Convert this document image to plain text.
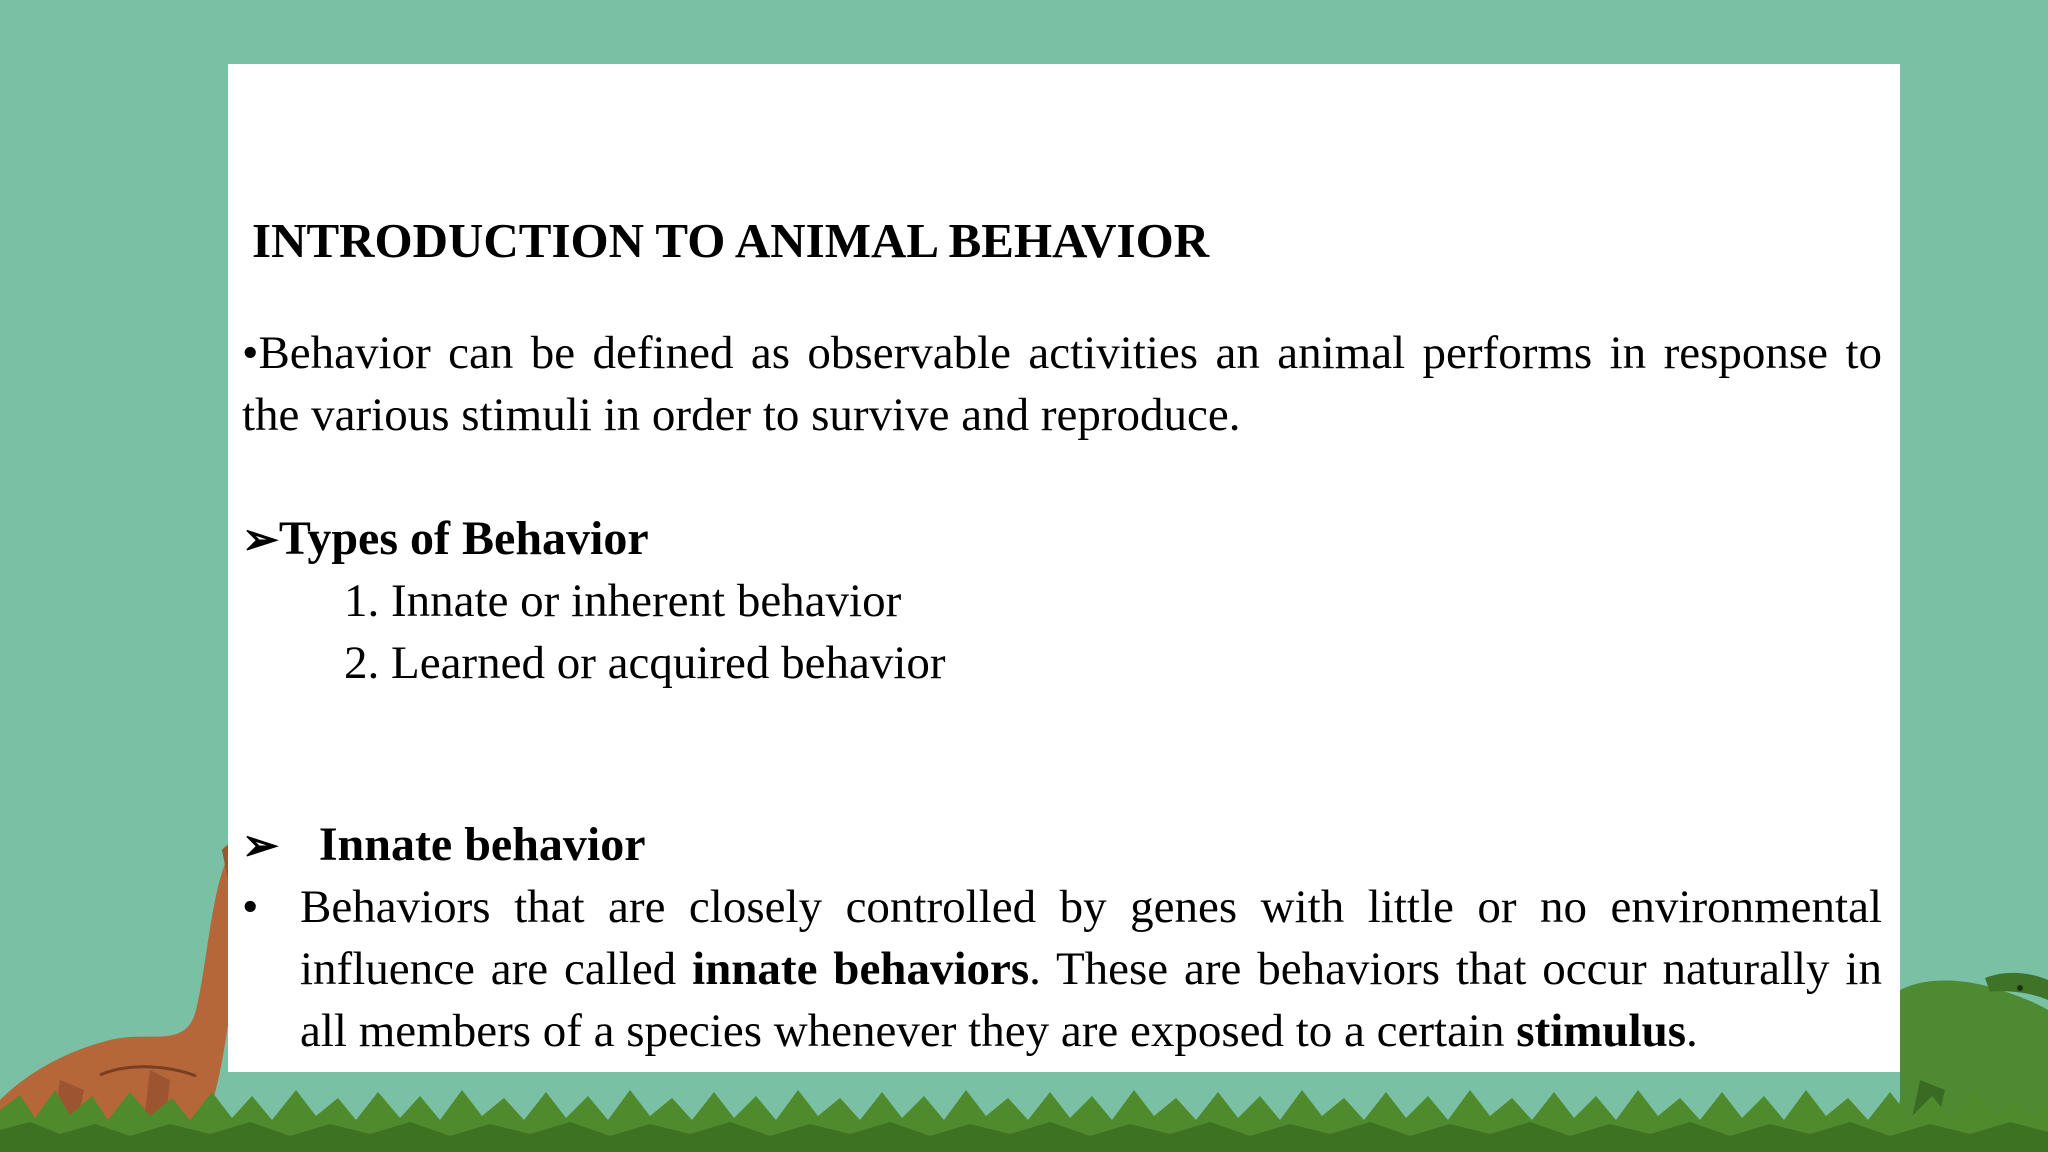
INTRODUCTION TO ANIMAL BEHAVIOR
•Behavior can be defined as observable activities an animal performs in response to the various stimuli in order to survive and reproduce.
➢Types of Behavior
1. Innate or inherent behavior
2. Learned or acquired behavior
➢ Innate behavior
• Behaviors that are closely controlled by genes with little or no environmental influence are called innate behaviors. These are behaviors that occur naturally in all members of a species whenever they are exposed to a certain stimulus.
